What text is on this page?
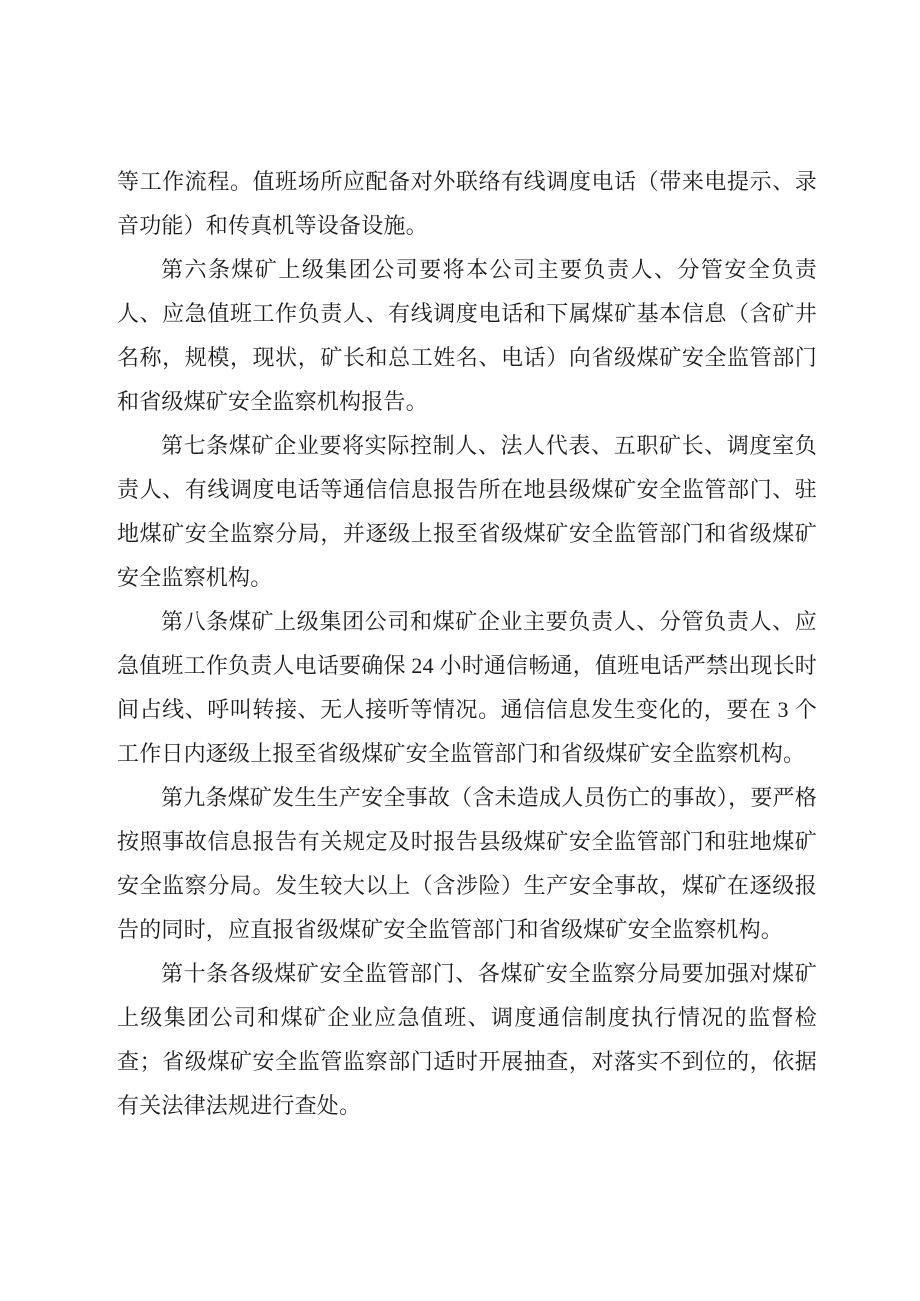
等工作流程。值班场所应配备对外联络有线调度电话（带来电提示、录音功能）和传真机等设备设施。

第六条煤矿上级集团公司要将本公司主要负责人、分管安全负责人、应急值班工作负责人、有线调度电话和下属煤矿基本信息（含矿井名称，规模，现状，矿长和总工姓名、电话）向省级煤矿安全监管部门和省级煤矿安全监察机构报告。

第七条煤矿企业要将实际控制人、法人代表、五职矿长、调度室负责人、有线调度电话等通信信息报告所在地县级煤矿安全监管部门、驻地煤矿安全监察分局，并逐级上报至省级煤矿安全监管部门和省级煤矿安全监察机构。

第八条煤矿上级集团公司和煤矿企业主要负责人、分管负责人、应急值班工作负责人电话要确保 24 小时通信畅通，值班电话严禁出现长时间占线、呼叫转接、无人接听等情况。通信信息发生变化的，要在 3 个工作日内逐级上报至省级煤矿安全监管部门和省级煤矿安全监察机构。

第九条煤矿发生生产安全事故（含未造成人员伤亡的事故），要严格按照事故信息报告有关规定及时报告县级煤矿安全监管部门和驻地煤矿安全监察分局。发生较大以上（含涉险）生产安全事故，煤矿在逐级报告的同时，应直报省级煤矿安全监管部门和省级煤矿安全监察机构。

第十条各级煤矿安全监管部门、各煤矿安全监察分局要加强对煤矿上级集团公司和煤矿企业应急值班、调度通信制度执行情况的监督检查；省级煤矿安全监管监察部门适时开展抽查，对落实不到位的，依据有关法律法规进行查处。
